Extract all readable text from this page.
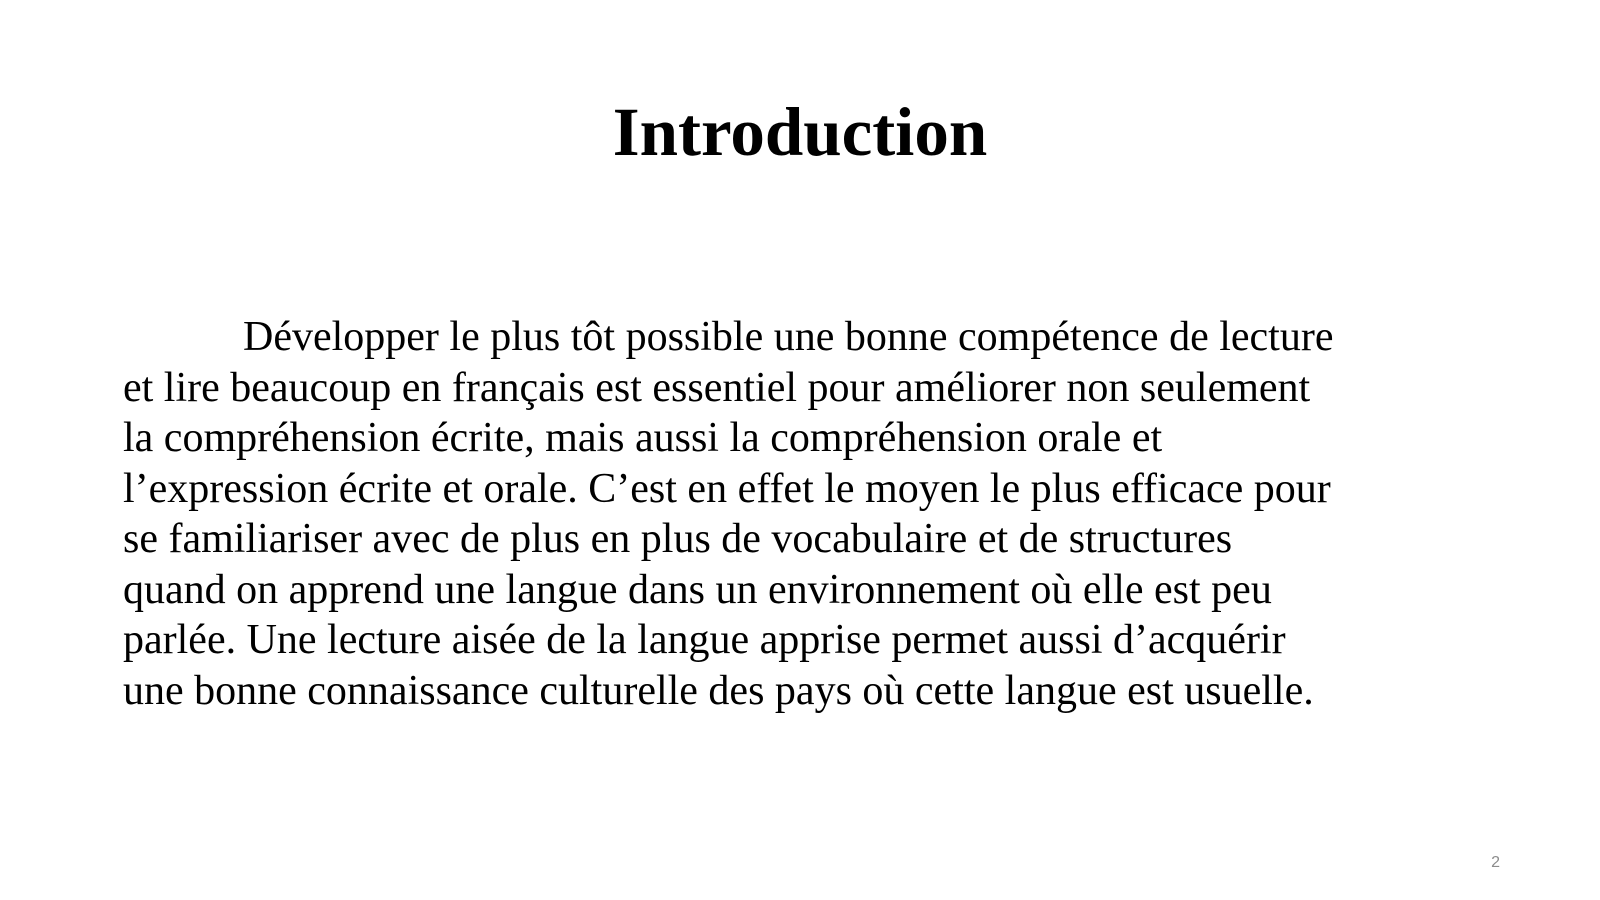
Introduction

Développer le plus tôt possible une bonne compétence de lecture
et lire beaucoup en français est essentiel pour améliorer non seulement
la compréhension écrite, mais aussi la compréhension orale et
l’expression écrite et orale. C’est en effet le moyen le plus efficace pour
se familiariser avec de plus en plus de vocabulaire et de structures
quand on apprend une langue dans un environnement où elle est peu
parlée. Une lecture aisée de la langue apprise permet aussi d’acquérir
une bonne connaissance culturelle des pays où cette langue est usuelle.

2
